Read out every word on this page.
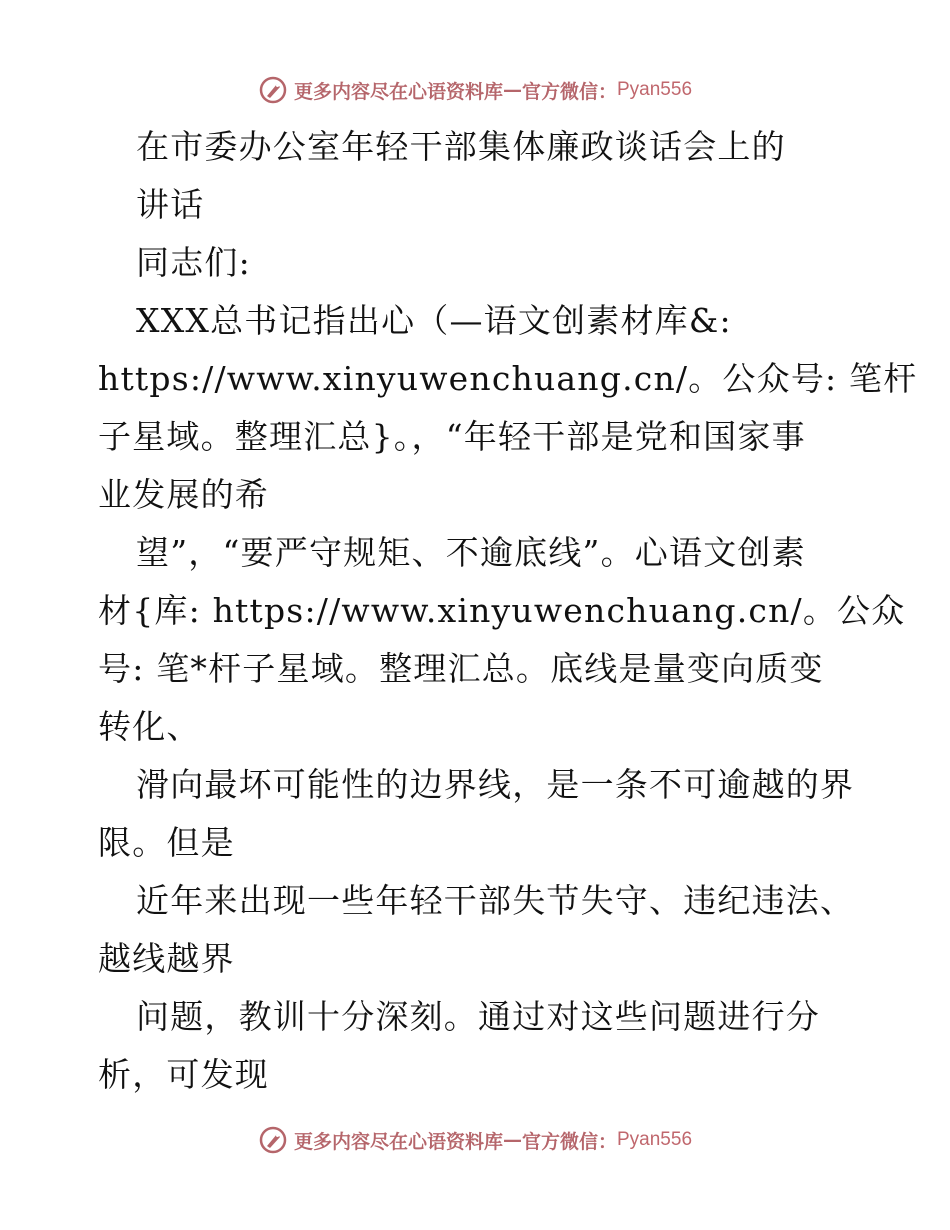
更多内容尽在心语资料库 — 官方微信： Pyan556
在市委办公室年轻干部集体廉政谈话会上的
讲话
同志们:
XXX总书记指出心（—语文创素材库&:
https://www.xinyuwenchuang.cn/。公众号: 笔杆
子星域。整理汇总}。，“年轻干部是党和国家事
业发展的希
望”，“要严守规矩、不逾底线”。心语文创素
材{库: https://www.xinyuwenchuang.cn/。公众
号: 笔*杆子星域。整理汇总。底线是量变向质变
转化、
滑向最坏可能性的边界线，是一条不可逾越的界
限。但是
近年来出现一些年轻干部失节失守、违纪违法、
越线越界
问题，教训十分深刻。通过对这些问题进行分
析，可发现
更多内容尽在心语资料库 — 官方微信： Pyan556
